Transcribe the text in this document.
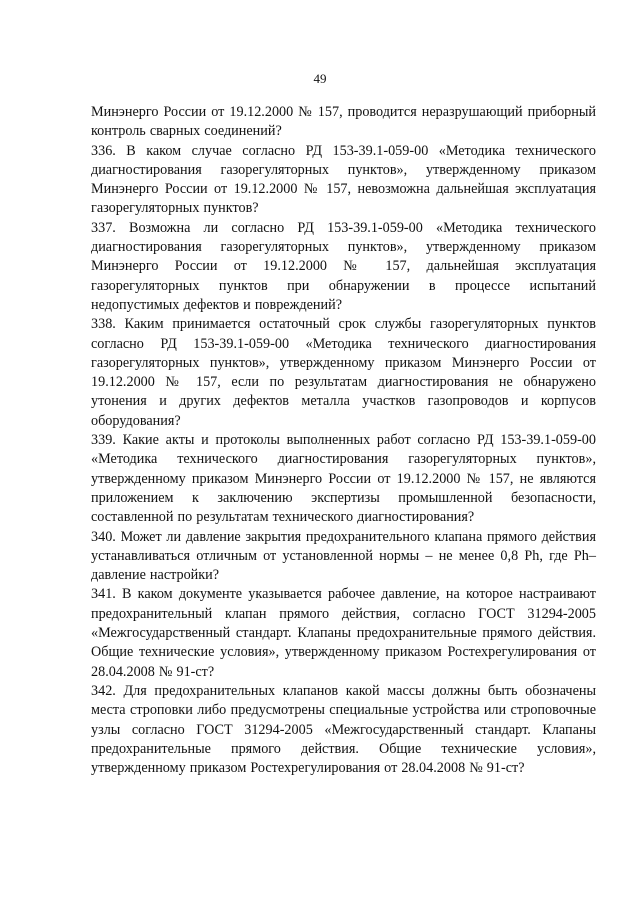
49

Минэнерго России от 19.12.2000 № 157, проводится неразрушающий приборный контроль сварных соединений?

336. В каком случае согласно РД 153-39.1-059-00 «Методика технического диагностирования газорегуляторных пунктов», утвержденному приказом Минэнерго России от 19.12.2000 № 157, невозможна дальнейшая эксплуатация газорегуляторных пунктов?

337. Возможна ли согласно РД 153-39.1-059-00 «Методика технического диагностирования газорегуляторных пунктов», утвержденному приказом Минэнерго России от 19.12.2000 № 157, дальнейшая эксплуатация газорегуляторных пунктов при обнаружении в процессе испытаний недопустимых дефектов и повреждений?

338. Каким принимается остаточный срок службы газорегуляторных пунктов согласно РД 153-39.1-059-00 «Методика технического диагностирования газорегуляторных пунктов», утвержденному приказом Минэнерго России от 19.12.2000 № 157, если по результатам диагностирования не обнаружено утонения и других дефектов металла участков газопроводов и корпусов оборудования?

339. Какие акты и протоколы выполненных работ согласно РД 153-39.1-059-00 «Методика технического диагностирования газорегуляторных пунктов», утвержденному приказом Минэнерго России от 19.12.2000 № 157, не являются приложением к заключению экспертизы промышленной безопасности, составленной по результатам технического диагностирования?

340. Может ли давление закрытия предохранительного клапана прямого действия устанавливаться отличным от установленной нормы – не менее 0,8 Ph, где Ph– давление настройки?

341. В каком документе указывается рабочее давление, на которое настраивают предохранительный клапан прямого действия, согласно ГОСТ 31294-2005 «Межгосударственный стандарт. Клапаны предохранительные прямого действия. Общие технические условия», утвержденному приказом Ростехрегулирования от 28.04.2008 № 91-ст?

342. Для предохранительных клапанов какой массы должны быть обозначены места строповки либо предусмотрены специальные устройства или строповочные узлы согласно ГОСТ 31294-2005 «Межгосударственный стандарт. Клапаны предохранительные прямого действия. Общие технические условия», утвержденному приказом Ростехрегулирования от 28.04.2008 № 91-ст?
